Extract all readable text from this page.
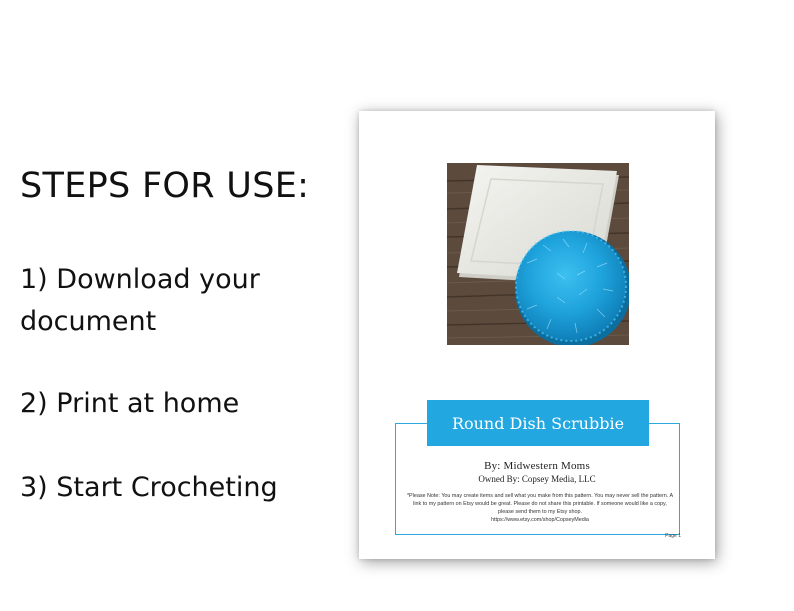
STEPS FOR USE:

1) Download your document

2) Print at home

3) Start Crocheting

Round Dish Scrubbie

By: Midwestern Moms

Owned By: Copsey Media, LLC

*Please Note: You may create items and sell what you make from this pattern. You may never sell the pattern. A link to my pattern on Etsy would be great. Please do not share this printable. If someone would like a copy, please send them to my Etsy shop.
https://www.etsy.com/shop/CopseyMedia

Page 1
